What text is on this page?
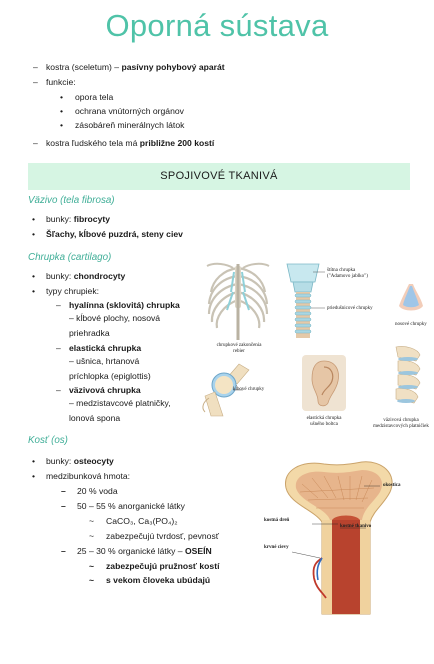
Oporná sústava
– kostra (sceletum) – pasívny pohybový aparát
– funkcie:
• opora tela
• ochrana vnútorných orgánov
• zásobáreň minerálnych látok
– kostra ľudského tela má približne 200 kostí
SPOJIVOVÉ TKANIVÁ
Väzivo (tela fibrosa)
• bunky: fibrocyty
• Šľachy, kĺbové puzdrá, steny ciev
Chrupka (cartilago)
• bunky: chondrocyty
• typy chrupiek:
– hyalínna (sklovitá) chrupka
– kĺbové plochy, nosová
priehradka
– elastická chrupka
– ušnica, hrtanová
príchlopka (epiglottis)
– väzivová chrupka
– medzistavcové platničky,
lonová spona
Kosť (os)
• bunky: osteocyty
• medzibunková hmota:
– 20 % voda
– 50 – 55 % anorganické látky
~ CaCO₃, Ca₃(PO₄)₂
~ zabezpečujú tvrdosť, pevnosť
– 25 – 30 % organické látky – OSEÍN
~ zabezpečujú pružnosť kostí
~ s vekom človeka ubúdajú
chrupkové zakončenia
rebier
štítna chrupka
("Adamovo jablko")
priedušnicové chrupky
nosové chrupky
kĺbové chrupky
elastická chrupka
ušného boltca
väzivová chrupka
medzistavcových platničiek
kostná dreň
okostica
kostné tkanivo
krvné cievy
